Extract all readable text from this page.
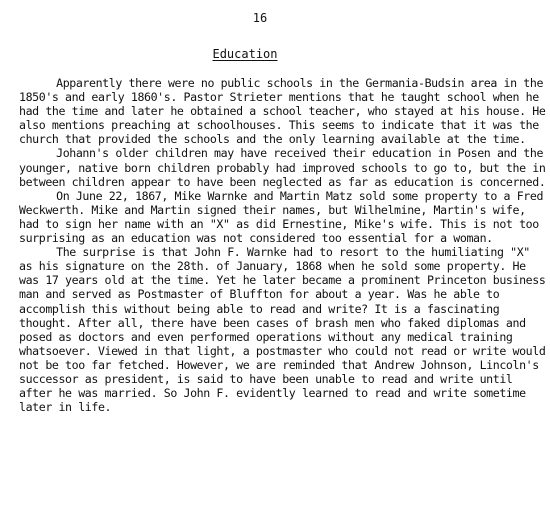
16
Education

Apparently there were no public schools in the Germania-Budsin area in the 1850's and early 1860's. Pastor Strieter mentions that he taught school when he had the time and later he obtained a school teacher, who stayed at his house. He also mentions preaching at schoolhouses. This seems to indicate that it was the church that provided the schools and the only learning available at the time.

Johann's older children may have received their education in Posen and the younger, native born children probably had improved schools to go to, but the in between children appear to have been neglected as far as education is concerned.

On June 22, 1867, Mike Warnke and Martin Matz sold some property to a Fred Weckwerth. Mike and Martin signed their names, but Wilhelmine, Martin's wife, had to sign her name with an "X" as did Ernestine, Mike's wife. This is not too surprising as an education was not considered too essential for a woman.

The surprise is that John F. Warnke had to resort to the humiliating "X" as his signature on the 28th. of January, 1868 when he sold some property. He was 17 years old at the time. Yet he later became a prominent Princeton business man and served as Postmaster of Bluffton for about a year. Was he able to accomplish this without being able to read and write? It is a fascinating thought. After all, there have been cases of brash men who faked diplomas and posed as doctors and even performed operations without any medical training whatsoever. Viewed in that light, a postmaster who could not read or write would not be too far fetched. However, we are reminded that Andrew Johnson, Lincoln's successor as president, is said to have been unable to read and write until after he was married. So John F. evidently learned to read and write sometime later in life.
